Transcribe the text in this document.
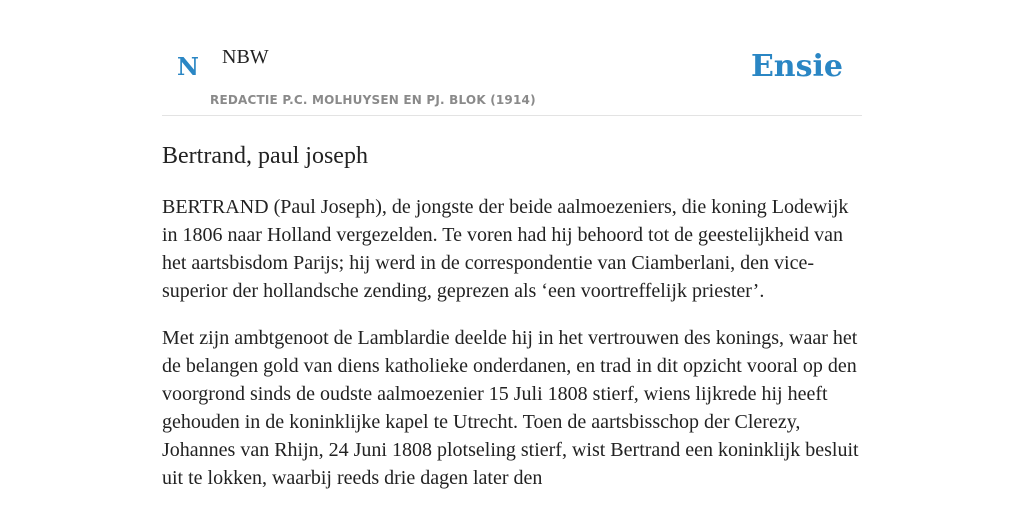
N NBW	Ensie
REDACTIE P.C. MOLHUYSEN EN PJ. BLOK (1914)
Bertrand, paul joseph

BERTRAND (Paul Joseph), de jongste der beide aalmoezeniers, die koning Lodewijk in 1806 naar Holland vergezelden. Te voren had hij behoord tot de geestelijkheid van het aartsbisdom Parijs; hij werd in de correspondentie van Ciamberlani, den vice-superior der hollandsche zending, geprezen als ‘een voortreffelijk priester’.

Met zijn ambtgenoot de Lamblardie deelde hij in het vertrouwen des konings, waar het de belangen gold van diens katholieke onderdanen, en trad in dit opzicht vooral op den voorgrond sinds de oudste aalmoezenier 15 Juli 1808 stierf, wiens lijkrede hij heeft gehouden in de koninklijke kapel te Utrecht. Toen de aartsbisschop der Clerezy, Johannes van Rhijn, 24 Juni 1808 plotseling stierf, wist Bertrand een koninklijk besluit uit te lokken, waarbij reeds drie dagen later den
